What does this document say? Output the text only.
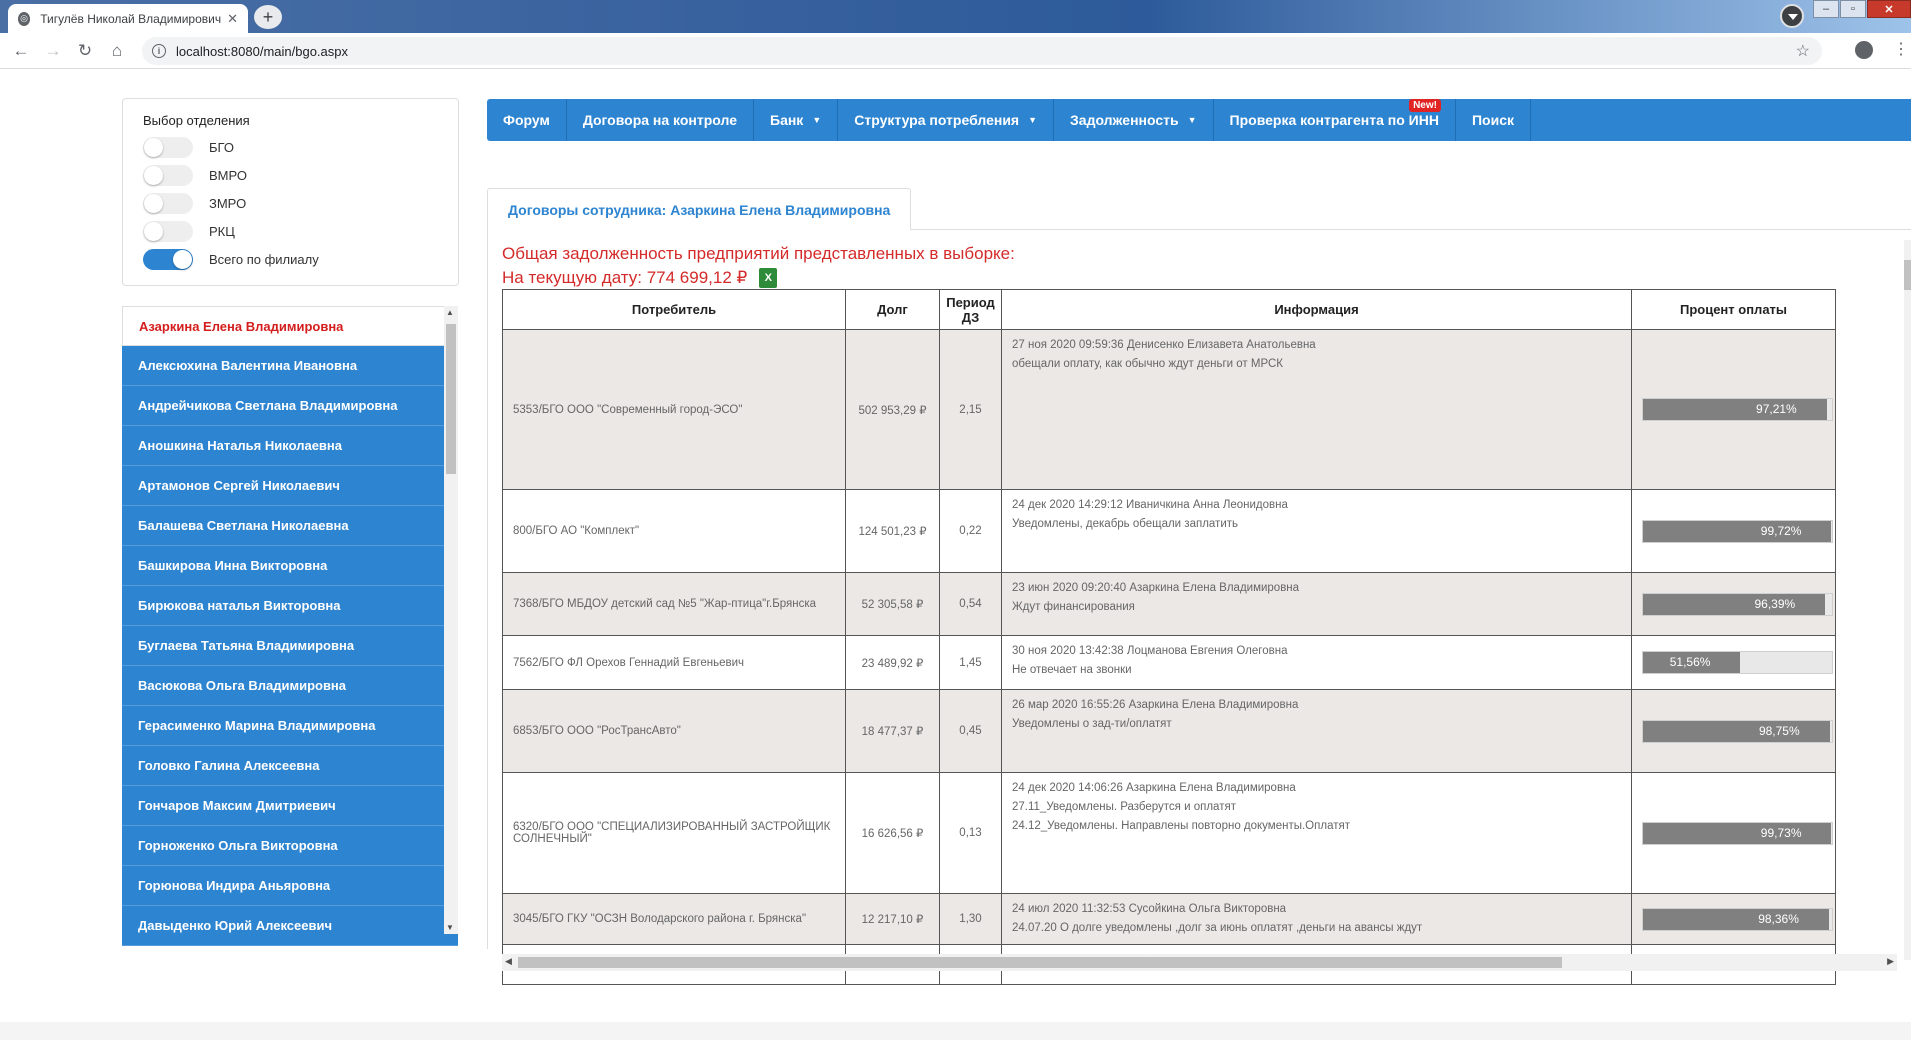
◎ Тигулёв Николай Владимирович ✕	+	–	▫	✕
← → ↻	⌂	i	localhost:8080/main/bgo.aspx	☆	⋮
Выбор отделения
БГО
ВМРО
ЗМРО
РКЦ
Всего по филиалу
Азаркина Елена Владимировна
Алексюхина Валентина Ивановна
Андрейчикова Светлана Владимировна
Аношкина Наталья Николаевна
Артамонов Сергей Николаевич
Балашева Светлана Николаевна
Башкирова Инна Викторовна
Бирюкова наталья Викторовна
Буглаева Татьяна Владимировна
Васюкова Ольга Владимировна
Герасименко Марина Владимировна
Головко Галина Алексеевна
Гончаров Максим Дмитриевич
Горноженко Ольга Викторовна
Горюнова Индира Аньяровна
Давыденко Юрий Алексеевич
▲
▼
Форум Договора на контроле Банк ▼ Структура потребления ▼ Задолженность ▼ Проверка контрагента по ИНН
New!
Поиск
Договоры сотрудника: Азаркина Елена Владимировна
Общая задолженность предприятий представленных в выборке:
На текущую дату: 774 699,12 ₽	X
Потребитель	Долг	Период ДЗ	Информация	Процент оплаты
5353/БГО ООО "Современный город-ЭСО"	502 953,29 ₽	2,15	27 ноя 2020 09:59:36 Денисенко Елизавета Анатольевна
обещали оплату, как обычно ждут деньги от МРСК	97,21%

800/БГО АО "Комплект"	124 501,23 ₽	0,22	24 дек 2020 14:29:12 Иваничкина Анна Леонидовна
Уведомлены, декабрь обещали заплатить	99,72%

7368/БГО МБДОУ детский сад №5 "Жар-птица"г.Брянска	52 305,58 ₽	0,54	23 июн 2020 09:20:40 Азаркина Елена Владимировна
Ждут финансирования	96,39%

7562/БГО ФЛ Орехов Геннадий Евгеньевич	23 489,92 ₽	1,45	30 ноя 2020 13:42:38 Лоцманова Евгения Олеговна
Не отвечает на звонки	51,56%

6853/БГО ООО "РосТрансАвто"	18 477,37 ₽	0,45	26 мар 2020 16:55:26 Азаркина Елена Владимировна
Уведомлены о зад-ти/оплатят	98,75%

6320/БГО ООО "СПЕЦИАЛИЗИРОВАННЫЙ ЗАСТРОЙЩИК СОЛНЕЧНЫЙ"	16 626,56 ₽	0,13	24 дек 2020 14:06:26 Азаркина Елена Владимировна
27.11_Уведомлены. Разберутся и оплатят
24.12_Уведомлены. Направлены повторно документы.Оплатят	99,73%

3045/БГО ГКУ "ОСЗН Володарского района г. Брянска"	12 217,10 ₽	1,30	24 июл 2020 11:32:53 Сусойкина Ольга Викторовна
24.07.20 О долге уведомлены ,долг за июнь оплатят ,деньги на авансы ждут	98,36%

◀	▶
